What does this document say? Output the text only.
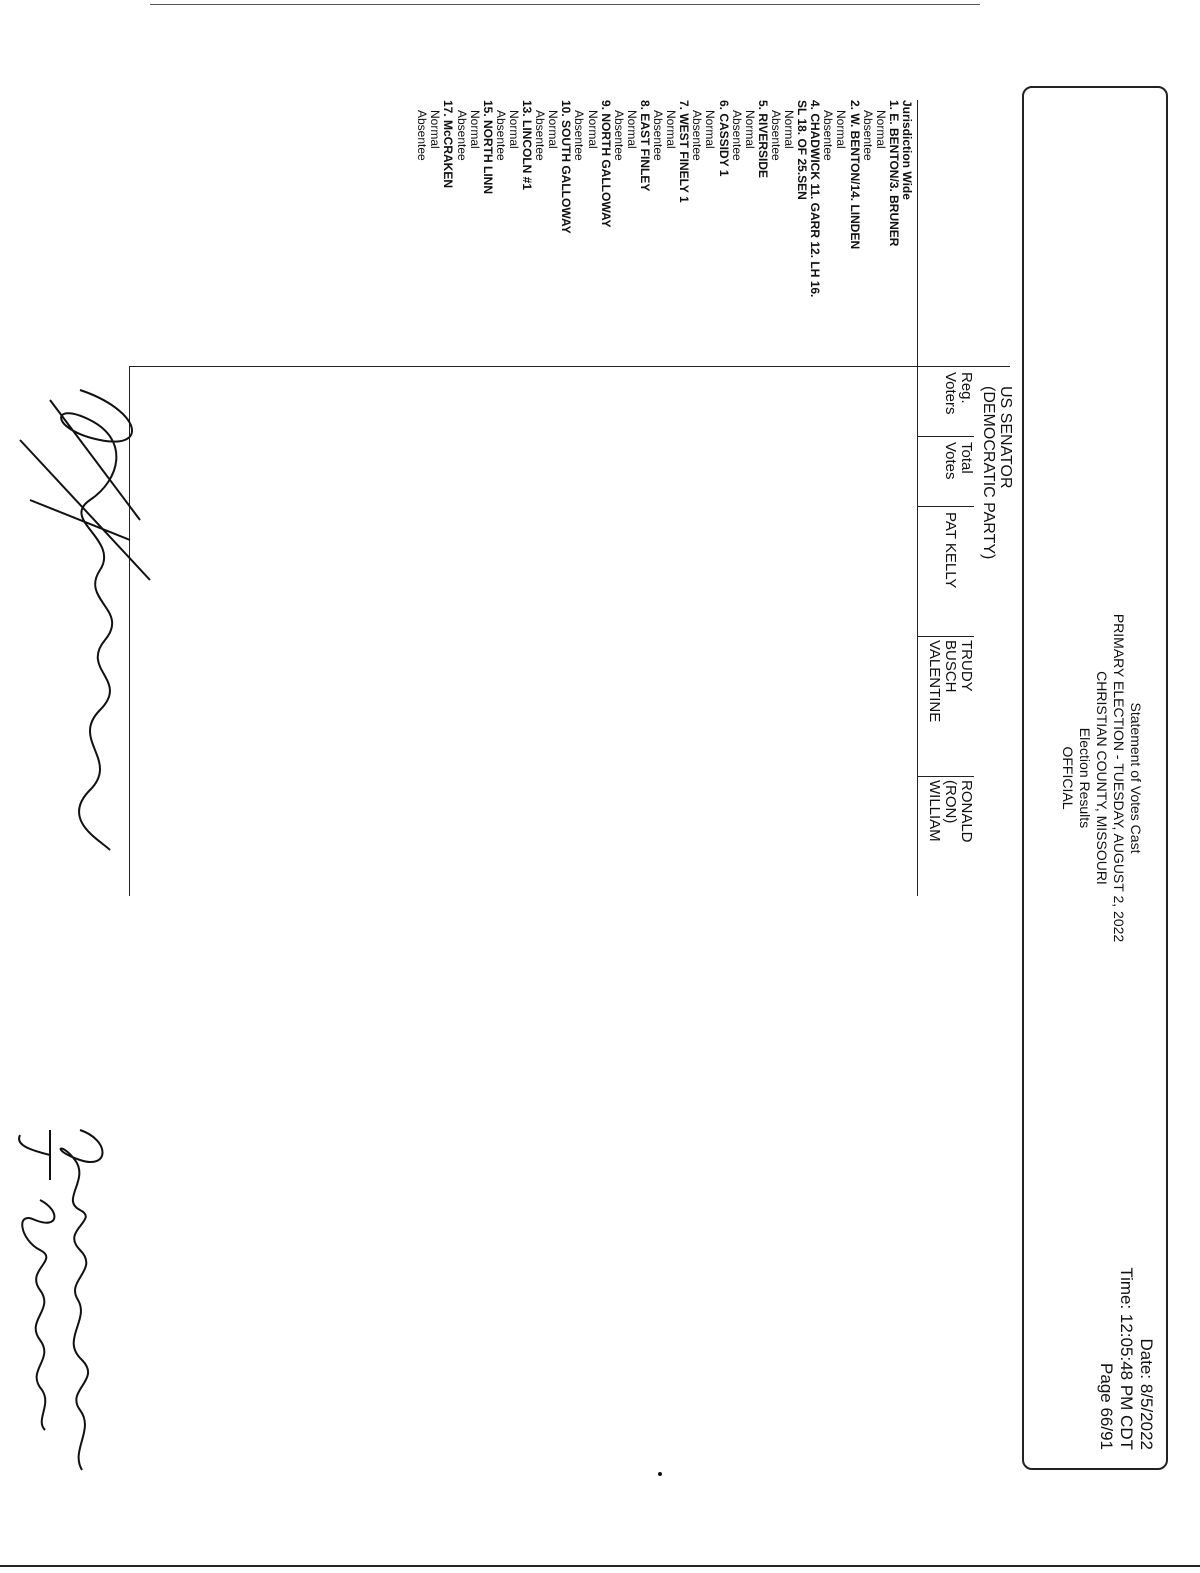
Statement of Votes Cast
PRIMARY ELECTION - TUESDAY, AUGUST 2, 2022
CHRISTIAN COUNTY, MISSOURI
Election Results
OFFICIAL
Date: 8/5/2022
Time: 12:05:48 PM CDT
Page 66/91
US SENATOR
(DEMOCRATIC PARTY)
Reg.
Voters
Total
Votes
PAT KELLY
TRUDY
BUSCH
VALENTINE
RONALD
(RON)
WILLIAM
Jurisdiction Wide
1. E. BENTON/3. BRUNER
Normal
Absentee
2. W. BENTON/14. LINDEN
Normal
Absentee
4. CHADWICK 11. GARR 12. LH 16.
SL 18. OF 25.SEN
Normal
Absentee
5. RIVERSIDE
Normal
Absentee
6. CASSIDY 1
Normal
Absentee
7. WEST FINELY 1
Normal
Absentee
8. EAST FINLEY
Normal
Absentee
9. NORTH GALLOWAY
Normal
Absentee
10. SOUTH GALLOWAY
Normal
Absentee
13. LINCOLN #1
Normal
Absentee
15. NORTH LINN
Normal
Absentee
17. McCRAKEN
Normal
Absentee
